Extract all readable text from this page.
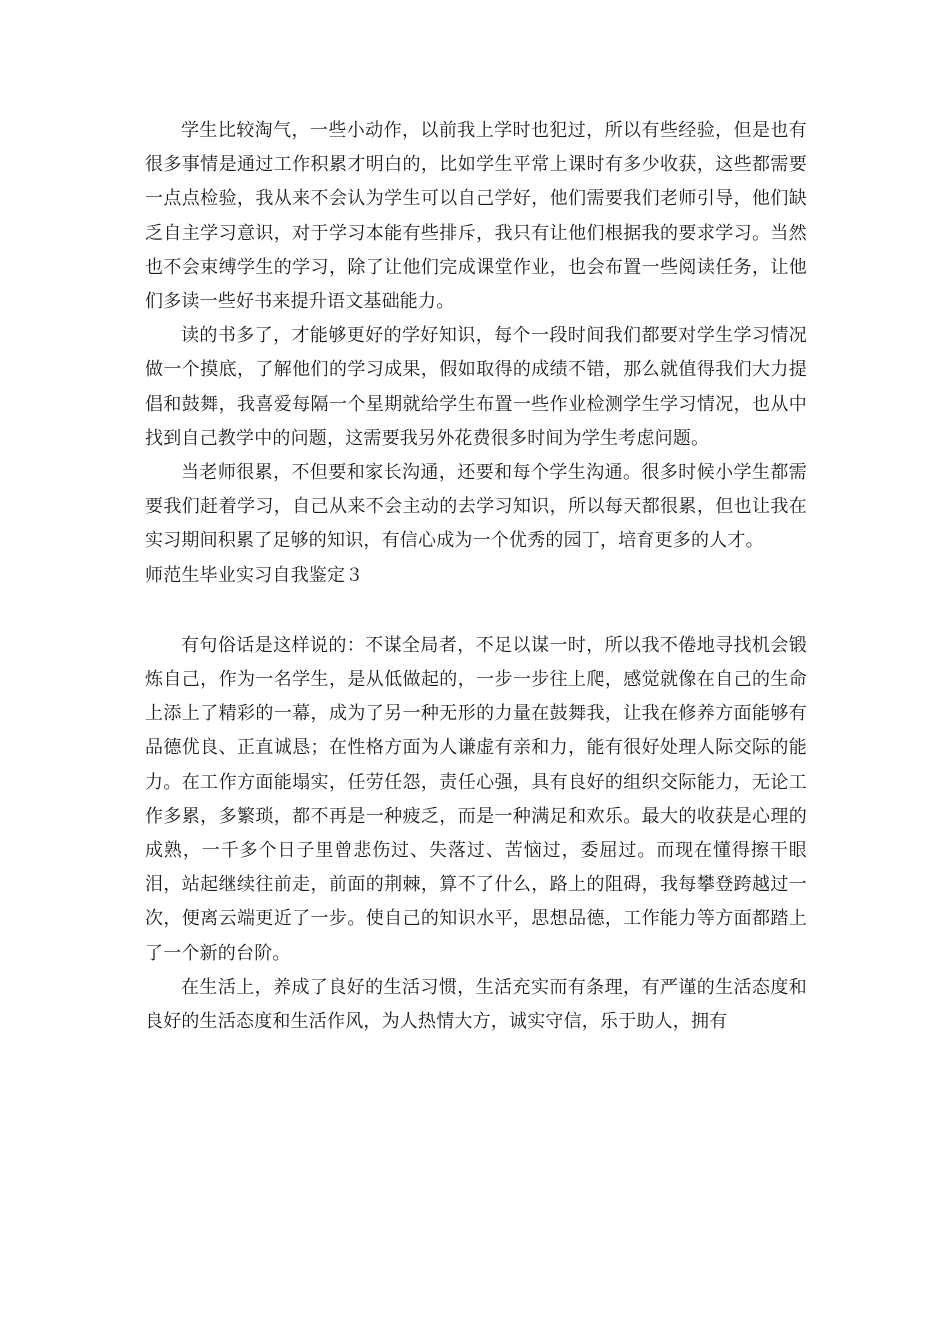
学生比较淘气，一些小动作，以前我上学时也犯过，所以有些经验，但是也有很多事情是通过工作积累才明白的，比如学生平常上课时有多少收获，这些都需要一点点检验，我从来不会认为学生可以自己学好，他们需要我们老师引导，他们缺乏自主学习意识，对于学习本能有些排斥，我只有让他们根据我的要求学习。当然也不会束缚学生的学习，除了让他们完成课堂作业，也会布置一些阅读任务，让他们多读一些好书来提升语文基础能力。

读的书多了，才能够更好的学好知识，每个一段时间我们都要对学生学习情况做一个摸底，了解他们的学习成果，假如取得的成绩不错，那么就值得我们大力提倡和鼓舞，我喜爱每隔一个星期就给学生布置一些作业检测学生学习情况，也从中找到自己教学中的问题，这需要我另外花费很多时间为学生考虑问题。

当老师很累，不但要和家长沟通，还要和每个学生沟通。很多时候小学生都需要我们赶着学习，自己从来不会主动的去学习知识，所以每天都很累，但也让我在实习期间积累了足够的知识，有信心成为一个优秀的园丁，培育更多的人才。

师范生毕业实习自我鉴定３

有句俗话是这样说的：不谋全局者，不足以谋一时，所以我不倦地寻找机会锻炼自己，作为一名学生，是从低做起的，一步一步往上爬，感觉就像在自己的生命上添上了精彩的一幕，成为了另一种无形的力量在鼓舞我，让我在修养方面能够有品德优良、正直诚恳；在性格方面为人谦虚有亲和力，能有很好处理人际交际的能力。在工作方面能塌实，任劳任怨，责任心强，具有良好的组织交际能力，无论工作多累，多繁琐，都不再是一种疲乏，而是一种满足和欢乐。最大的收获是心理的成熟，一千多个日子里曾悲伤过、失落过、苦恼过，委屈过。而现在懂得擦干眼泪，站起继续往前走，前面的荆棘，算不了什么，路上的阻碍，我每攀登跨越过一次，便离云端更近了一步。使自己的知识水平，思想品德，工作能力等方面都踏上了一个新的台阶。

在生活上，养成了良好的生活习惯，生活充实而有条理，有严谨的生活态度和良好的生活态度和生活作风，为人热情大方，诚实守信，乐于助人，拥有
